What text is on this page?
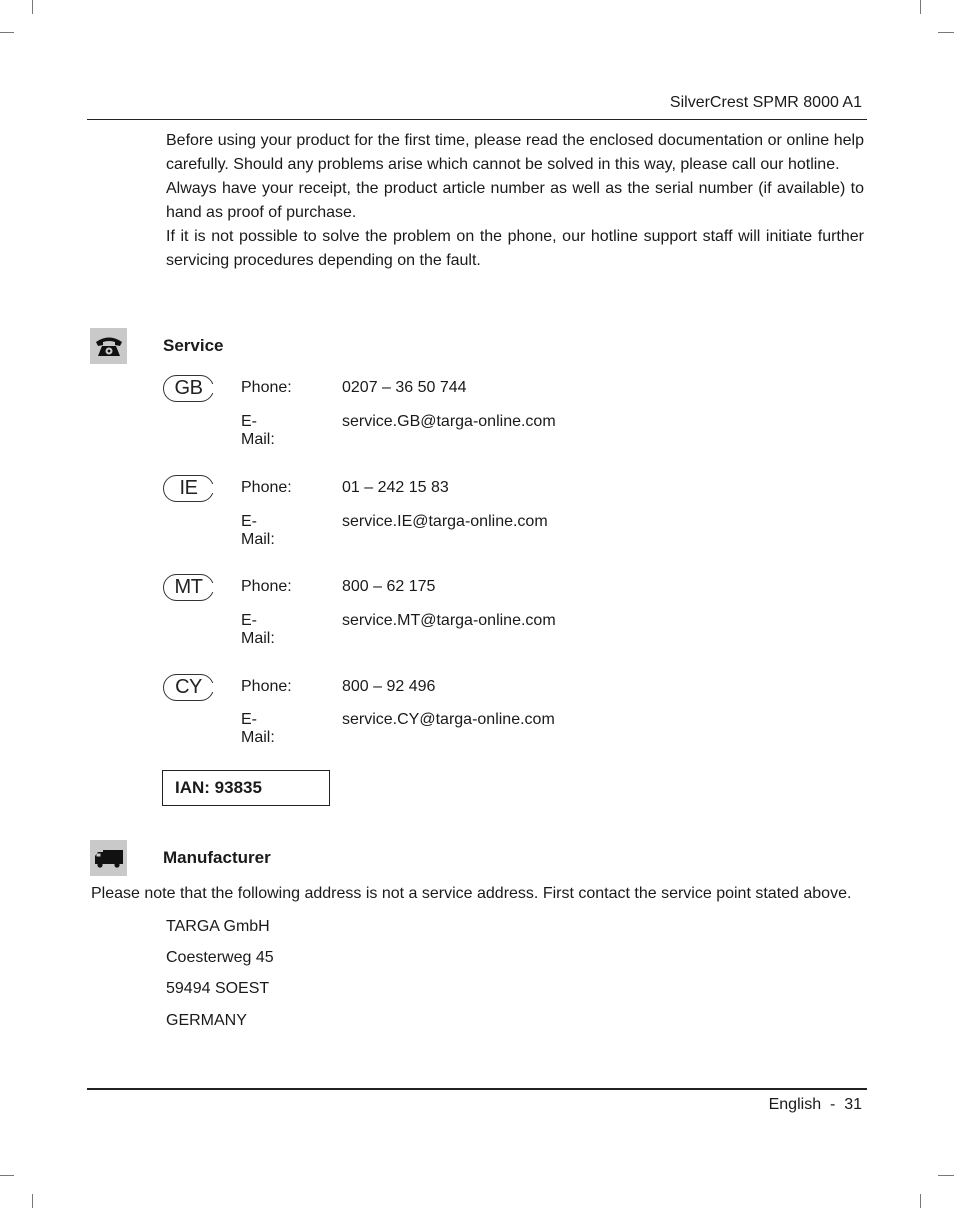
SilverCrest SPMR 8000 A1

Before using your product for the first time, please read the enclosed documentation or online help carefully. Should any problems arise which cannot be solved in this way, please call our hotline.

Always have your receipt, the product article number as well as the serial number (if available) to hand as proof of purchase.

If it is not possible to solve the problem on the phone, our hotline support staff will initiate further servicing procedures depending on the fault.

Service
GB	Phone:	0207 – 36 50 744
E-Mail:
service.GB@targa-online.com
IE	Phone:	01 – 242 15 83
E-Mail:
service.IE@targa-online.com
MT	Phone:	800 – 62 175
E-Mail:
service.MT@targa-online.com
CY	Phone:	800 – 92 496
E-Mail:
service.CY@targa-online.com
IAN: 93835
Manufacturer
Please note that the following address is not a service address. First contact the service point stated above.
TARGA GmbH
Coesterweg 45
59494 SOEST
GERMANY
English  -  31
